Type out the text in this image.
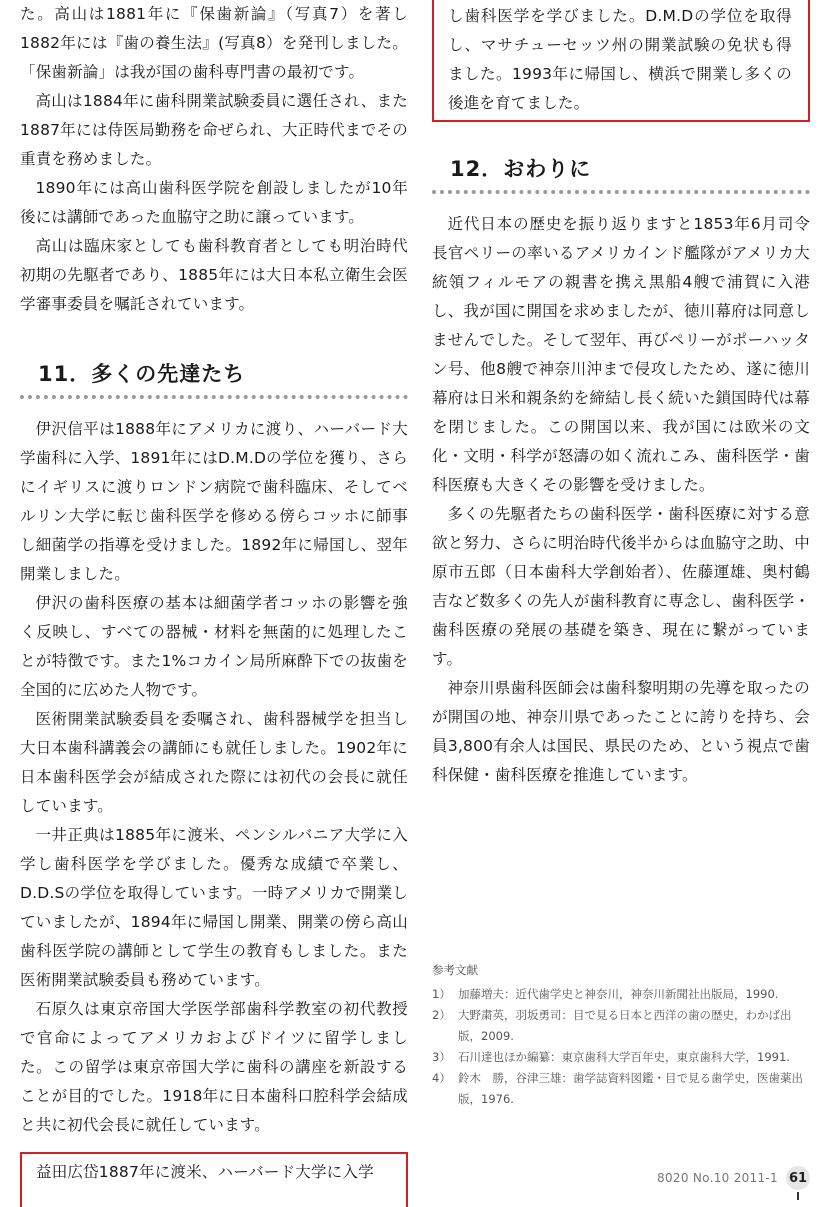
た。高山は1881年に『保歯新論』（写真7）を著し1882年には『歯の養生法』(写真8）を発刊しました。「保歯新論」は我が国の歯科専門書の最初です。

高山は1884年に歯科開業試験委員に選任され、また1887年には侍医局勤務を命ぜられ、大正時代までその重責を務めました。

1890年には高山歯科医学院を創設しましたが10年後には講師であった血脇守之助に譲っています。

高山は臨床家としても歯科教育者としても明治時代初期の先駆者であり、1885年には大日本私立衛生会医学審事委員を嘱託されています。

11．多くの先達たち

伊沢信平は1888年にアメリカに渡り、ハーバード大学歯科に入学、1891年にはD.M.Dの学位を獲り、さらにイギリスに渡りロンドン病院で歯科臨床、そしてベルリン大学に転じ歯科医学を修める傍らコッホに師事し細菌学の指導を受けました。1892年に帰国し、翌年開業しました。

伊沢の歯科医療の基本は細菌学者コッホの影響を強く反映し、すべての器械・材料を無菌的に処理したことが特徴です。また1%コカイン局所麻酔下での抜歯を全国的に広めた人物です。

医術開業試験委員を委嘱され、歯科器械学を担当し大日本歯科講義会の講師にも就任しました。1902年に日本歯科医学会が結成された際には初代の会長に就任しています。

一井正典は1885年に渡米、ペンシルバニア大学に入学し歯科医学を学びました。優秀な成績で卒業し、D.D.Sの学位を取得しています。一時アメリカで開業していましたが、1894年に帰国し開業、開業の傍ら高山歯科医学院の講師として学生の教育もしました。また医術開業試験委員も務めています。

石原久は東京帝国大学医学部歯科学教室の初代教授で官命によってアメリカおよびドイツに留学しました。この留学は東京帝国大学に歯科の講座を新設することが目的でした。1918年に日本歯科口腔科学会結成と共に初代会長に就任しています。

益田広岱1887年に渡米、ハーバード大学に入学

し歯科医学を学びました。D.M.Dの学位を取得し、マサチューセッツ州の開業試験の免状も得ました。1993年に帰国し、横浜で開業し多くの後進を育てました。

12．おわりに

近代日本の歴史を振り返りますと1853年6月司令長官ペリーの率いるアメリカインド艦隊がアメリカ大統領フィルモアの親書を携え黒船4艘で浦賀に入港し、我が国に開国を求めましたが、徳川幕府は同意しませんでした。そして翌年、再びペリーがポーハッタン号、他8艘で神奈川沖まで侵攻したため、遂に徳川幕府は日米和親条約を締結し長く続いた鎖国時代は幕を閉じました。この開国以来、我が国には欧米の文化・文明・科学が怒濤の如く流れこみ、歯科医学・歯科医療も大きくその影響を受けました。

多くの先駆者たちの歯科医学・歯科医療に対する意欲と努力、さらに明治時代後半からは血脇守之助、中原市五郎（日本歯科大学創始者）、佐藤運雄、奥村鶴吉など数多くの先人が歯科教育に専念し、歯科医学・歯科医療の発展の基礎を築き、現在に繋がっています。

神奈川県歯科医師会は歯科黎明期の先導を取ったのが開国の地、神奈川県であったことに誇りを持ち、会員3,800有余人は国民、県民のため、という視点で歯科保健・歯科医療を推進しています。

参考文献
1） 加藤増夫：近代歯学史と神奈川，神奈川新聞社出版局，1990.
2） 大野粛英，羽坂勇司：目で見る日本と西洋の歯の歴史，わかば出版，2009.
3） 石川達也ほか編纂：東京歯科大学百年史，東京歯科大学，1991.
4） 鈴木　勝，谷津三雄：歯学誌資料図鑑・目で見る歯学史，医歯薬出版，1976.
8020 No.10 2011-1 61
